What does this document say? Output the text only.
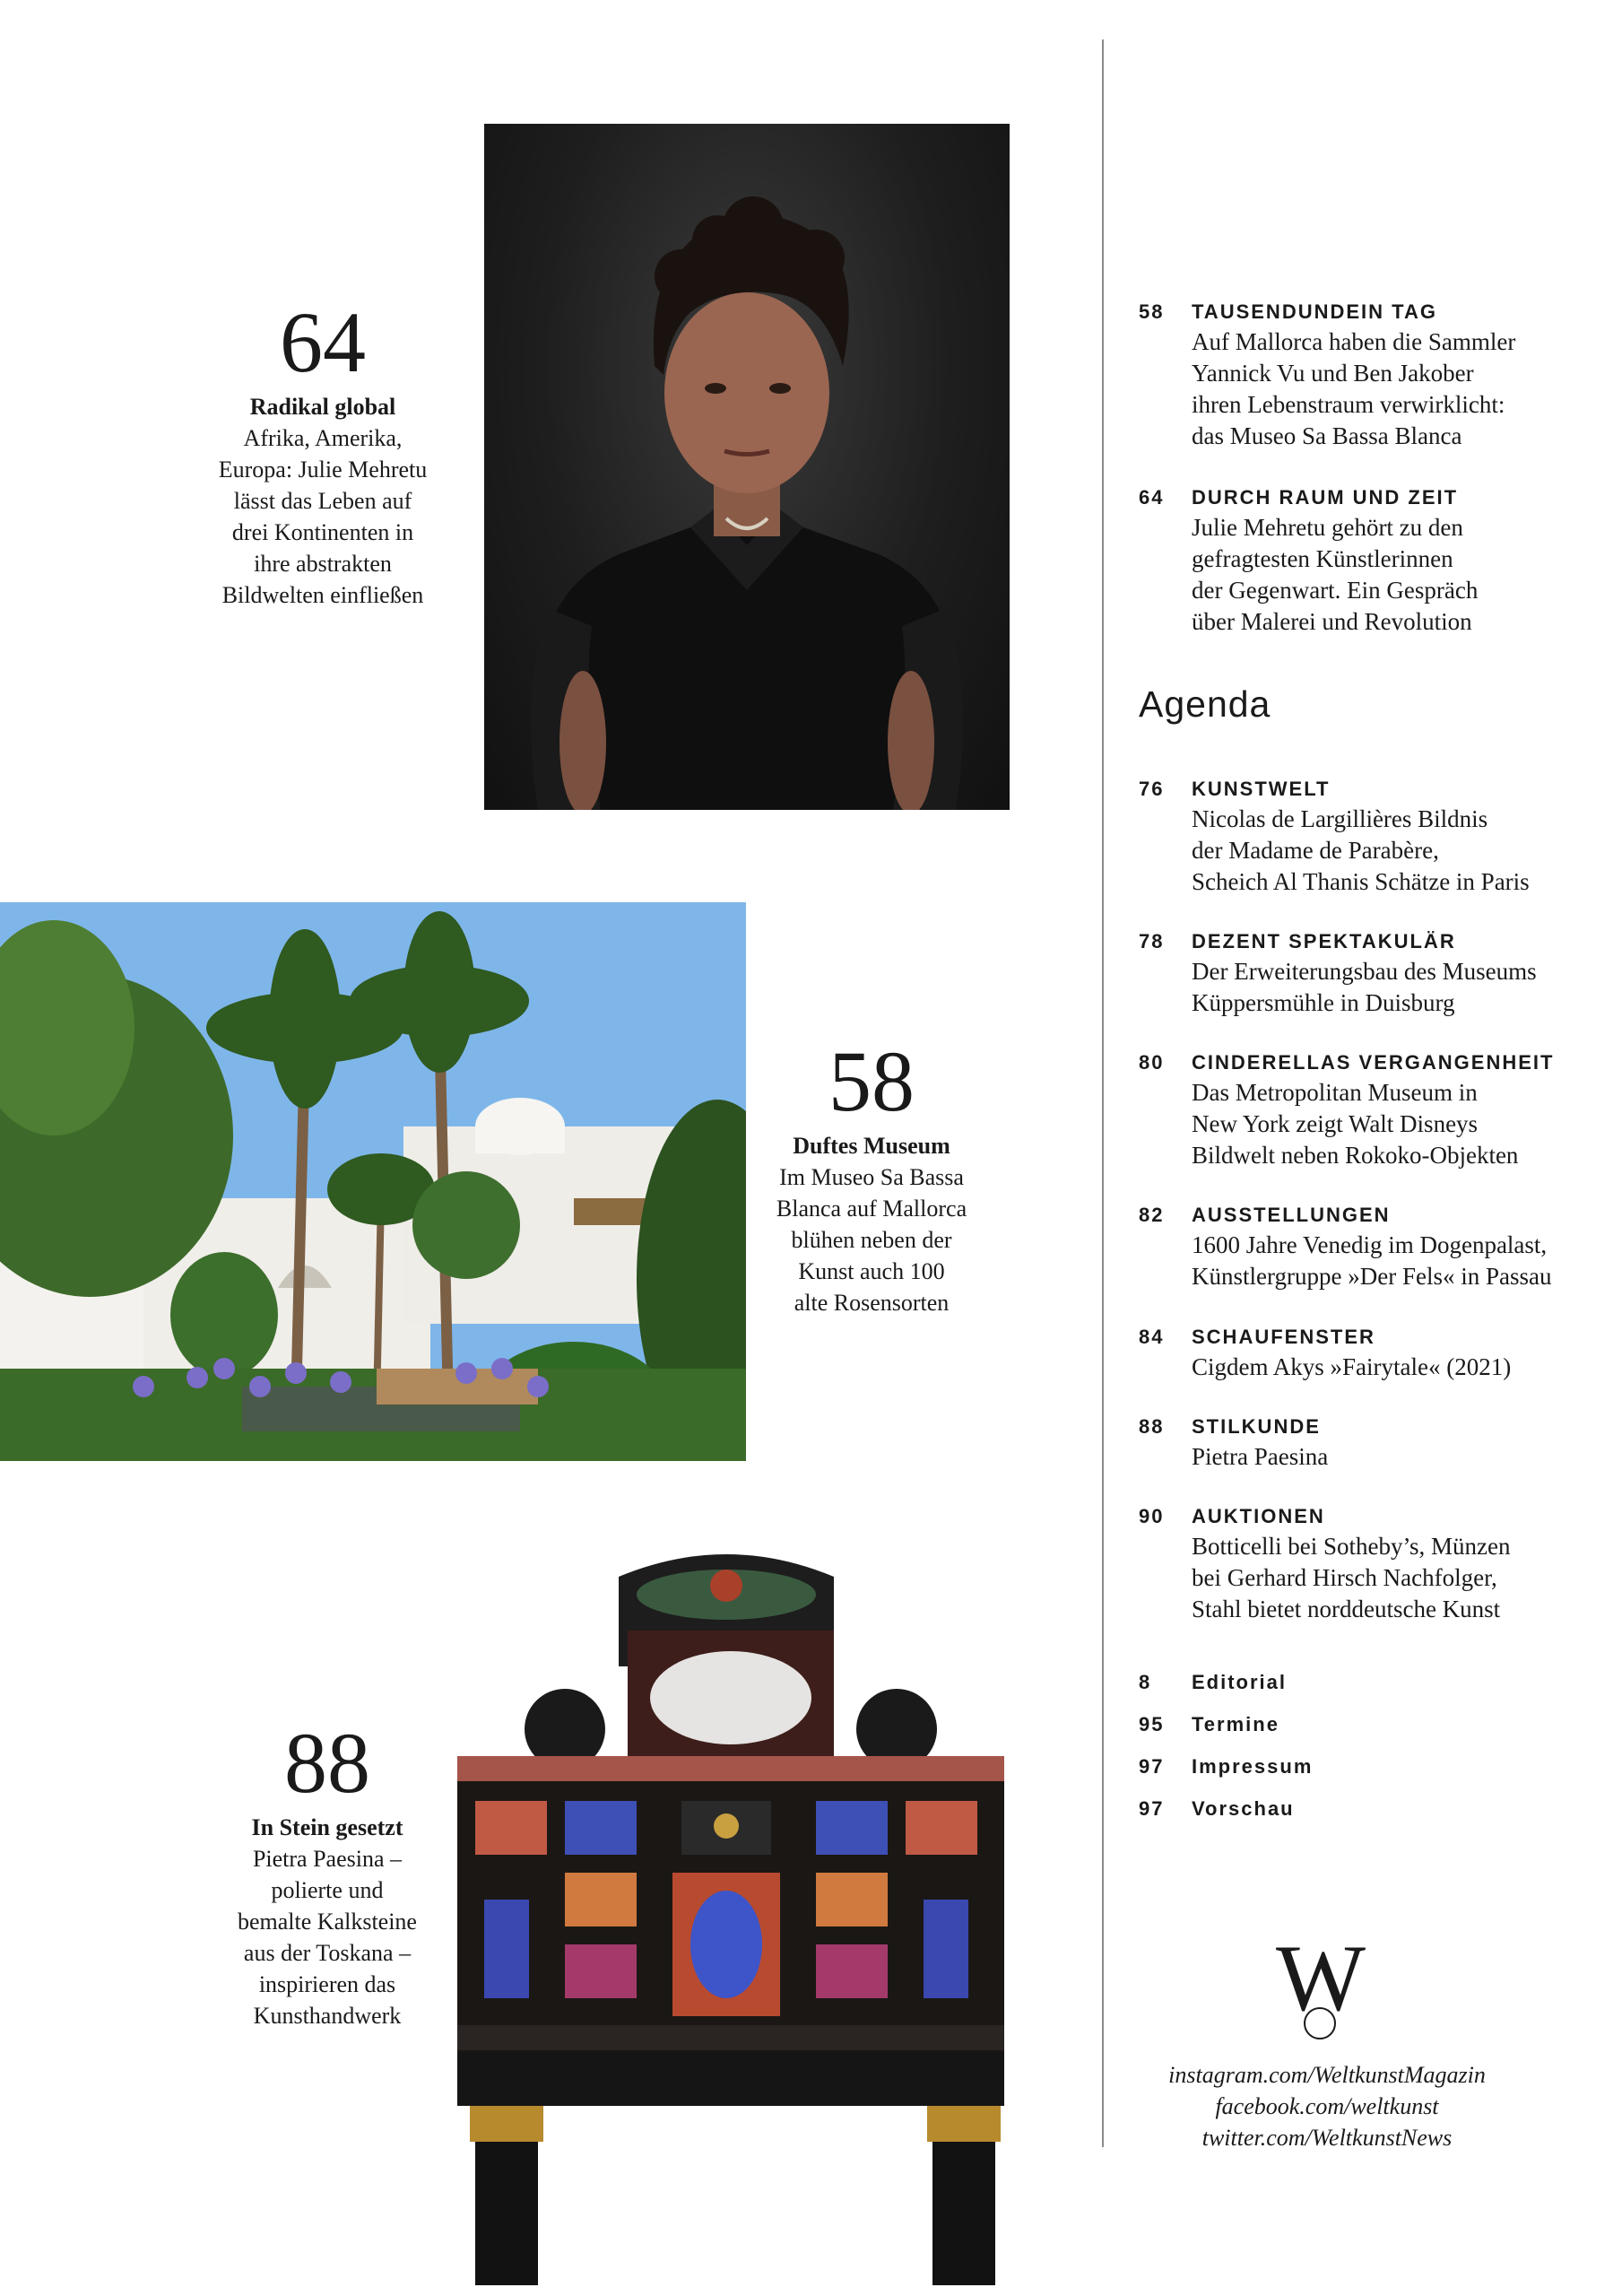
64
Radikal global
Afrika, Amerika,
Europa: Julie Mehretu
lässt das Leben auf
drei Kontinenten in
ihre abstrakten
Bildwelten einfließen
58
Duftes Museum
Im Museo Sa Bassa
Blanca auf Mallorca
blühen neben der
Kunst auch 100
alte Rosensorten
88
In Stein gesetzt
Pietra Paesina –
polierte und
bemalte Kalksteine
aus der Toskana –
inspirieren das
Kunsthandwerk
58	TAUSENDUNDEIN TAG
Auf Mallorca haben die Sammler
Yannick Vu und Ben Jakober
ihren Lebenstraum verwirklicht:
das Museo Sa Bassa Blanca
64	DURCH RAUM UND ZEIT
Julie Mehretu gehört zu den
gefragtesten Künstlerinnen
der Gegenwart. Ein Gespräch
über Malerei und Revolution
Agenda
76	KUNSTWELT
Nicolas de Largillières Bildnis
der Madame de Parabère,
Scheich Al Thanis Schätze in Paris
78	DEZENT SPEKTAKULÄR
Der Erweiterungsbau des Museums
Küppersmühle in Duisburg
80	CINDERELLAS VERGANGENHEIT
Das Metropolitan Museum in
New York zeigt Walt Disneys
Bildwelt neben Rokoko-Objekten
82	AUSSTELLUNGEN
1600 Jahre Venedig im Dogenpalast,
Künstlergruppe »Der Fels« in Passau
84	SCHAUFENSTER
Cigdem Akys »Fairytale« (2021)
88	STILKUNDE
Pietra Paesina
90	AUKTIONEN
Botticelli bei Sotheby’s, Münzen
bei Gerhard Hirsch Nachfolger,
Stahl bietet norddeutsche Kunst
8	Editorial
95	Termine
97	Impressum
97	Vorschau
W
instagram.com/WeltkunstMagazin
facebook.com/weltkunst
twitter.com/WeltkunstNews
